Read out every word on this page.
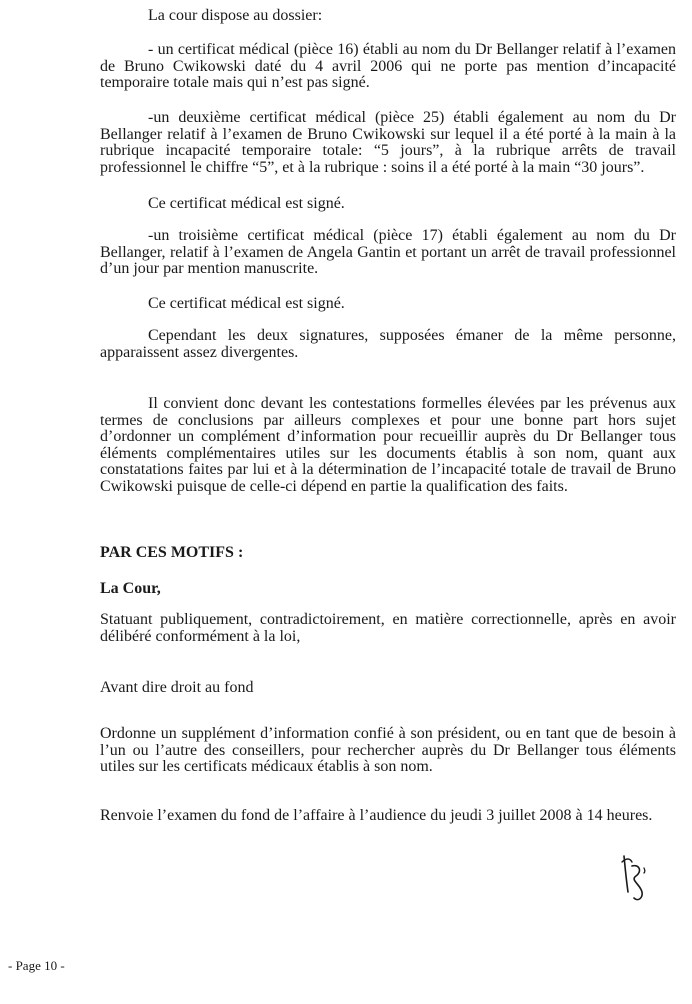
La cour dispose au dossier:

- un certificat médical (pièce 16) établi au nom du Dr Bellanger relatif à l’examen de Bruno Cwikowski daté du 4 avril 2006 qui ne porte pas mention d’incapacité temporaire totale mais qui n’est pas signé.

-un deuxième certificat médical (pièce 25) établi également au nom du Dr Bellanger relatif à l’examen de Bruno Cwikowski sur lequel il a été porté à la main à la rubrique incapacité temporaire totale: “5 jours”, à la rubrique arrêts de travail professionnel le chiffre “5”, et à la rubrique : soins il a été porté à la main “30 jours”.

Ce certificat médical est signé.

-un troisième certificat médical (pièce 17) établi également au nom du Dr Bellanger, relatif à l’examen de Angela Gantin et portant un arrêt de travail professionnel d’un jour par mention manuscrite.

Ce certificat médical est signé.

Cependant les deux signatures, supposées émaner de la même personne, apparaissent assez divergentes.

Il convient donc devant les contestations formelles élevées par les prévenus aux termes de conclusions par ailleurs complexes et pour une bonne part hors sujet d’ordonner un complément d’information pour recueillir auprès du Dr Bellanger tous éléments complémentaires utiles sur les documents établis à son nom, quant aux constatations faites par lui et à la détermination de l’incapacité totale de travail de Bruno Cwikowski puisque de celle-ci dépend en partie la qualification des faits.

PAR CES MOTIFS :

La Cour,

Statuant publiquement, contradictoirement, en matière correctionnelle, après en avoir délibéré conformément à la loi,

Avant dire droit au fond

Ordonne un supplément d’information confié à son président, ou en tant que de besoin à l’un ou l’autre des conseillers, pour rechercher auprès du Dr Bellanger tous éléments utiles sur les certificats médicaux établis à son nom.

Renvoie l’examen du fond de l’affaire à l’audience du jeudi 3 juillet 2008 à 14 heures.

- Page 10 -
